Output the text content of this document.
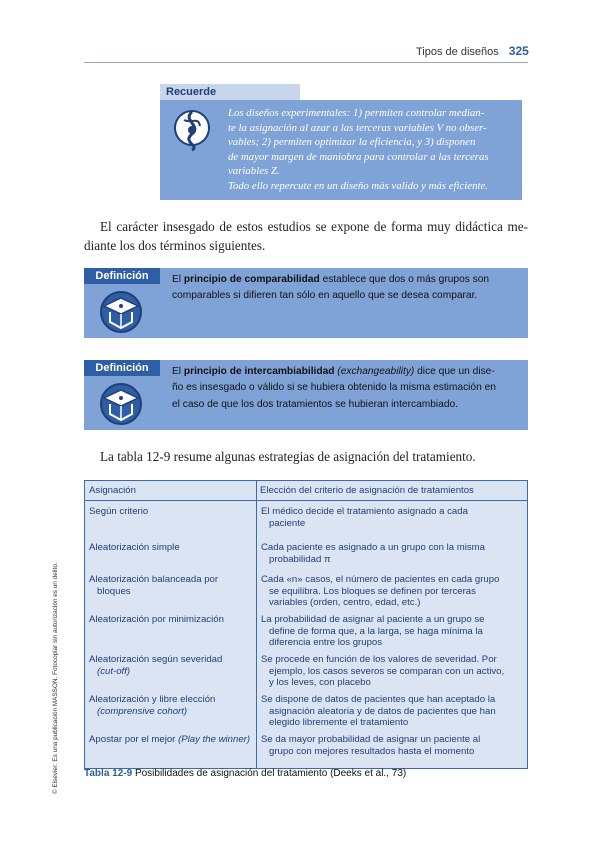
Tipos de diseños 325
Recuerde
Los diseños experimentales: 1) permiten controlar median-
te la asignación al azar a las terceras variables V no obser-
vables; 2) permiten optimizar la eficiencia, y 3) disponen
de mayor margen de maniobra para controlar a las terceras
variables Z.
Todo ello repercute en un diseño más valido y más eficiente.
El carácter insesgado de estos estudios se expone de forma muy didáctica me- diante los dos términos siguientes.
Definición	El principio de comparabilidad establece que dos o más grupos son
comparables si difieren tan sólo en aquello que se desea comparar.
Definición	El principio de intercambiabilidad (exchangeability) dice que un dise-
ño es insesgado o válido si se hubiera obtenido la misma estimación en
el caso de que los dos tratamientos se hubieran intercambiado.
La tabla 12-9 resume algunas estrategias de asignación del tratamiento.
© Elsevier. Es una publicación MASSON. Fotocopiar sin autorización es un delito.
Asignación	Elección del criterio de asignación de tratamientos
Según criterio	El médico decide el tratamiento asignado a cada
paciente

Aleatorización simple	Cada paciente es asignado a un grupo con la misma
probabilidad π

Aleatorización balanceada por
bloques	Cada «n» casos, el número de pacientes en cada grupo
se equilibra. Los bloques se definen por terceras
variables (orden, centro, edad, etc.)

Aleatorización por minimización	La probabilidad de asignar al paciente a un grupo se
define de forma que, a la larga, se haga mínima la
diferencia entre los grupos

Aleatorización según severidad
(cut-off)	Se procede en función de los valores de severidad. Por
ejemplo, los casos severos se comparan con un activo,
y los leves, con placebo

Aleatorización y libre elección
(comprensive cohort)	Se dispone de datos de pacientes que han aceptado la
asignación aleatoria y de datos de pacientes que han
elegido libremente el tratamiento

Apostar por el mejor (Play the winner)	Se da mayor probabilidad de asignar un paciente al
grupo con mejores resultados hasta el momento
Tabla 12-9 Posibilidades de asignación del tratamiento (Deeks et al., 73)
